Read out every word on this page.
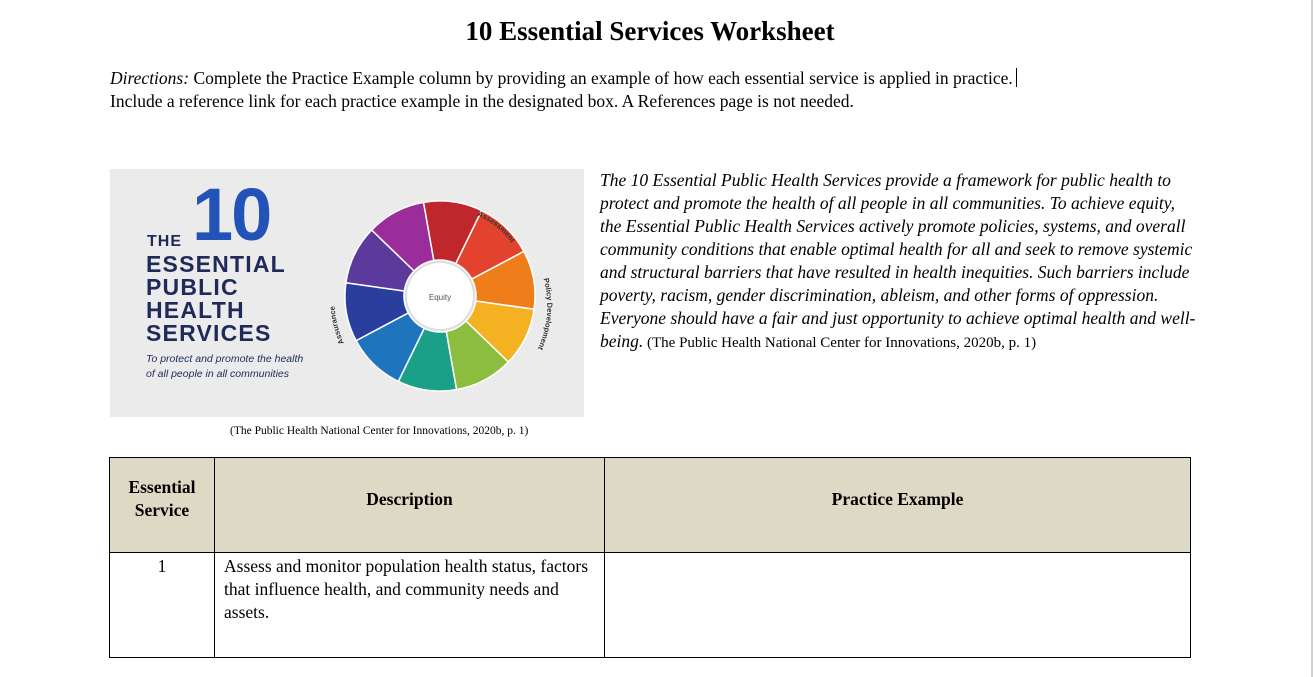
10 Essential Services Worksheet
Directions: Complete the Practice Example column by providing an example of how each essential service is applied in practice.
Include a reference link for each practice example in the designated box. A References page is not needed.
10
THE
ESSENTIAL
PUBLIC
HEALTH
SERVICES
To protect and promote the health of all people in all communities
Equity
Assessment
Policy Development
Assurance
(The Public Health National Center for Innovations, 2020b, p. 1)
The 10 Essential Public Health Services provide a framework for public health to protect and promote the health of all people in all communities. To achieve equity, the Essential Public Health Services actively promote policies, systems, and overall community conditions that enable optimal health for all and seek to remove systemic and structural barriers that have resulted in health inequities. Such barriers include poverty, racism, gender discrimination, ableism, and other forms of oppression. Everyone should have a fair and just opportunity to achieve optimal health and well-being. (The Public Health National Center for Innovations, 2020b, p. 1)
Essential
Service	Description	Practice Example
1	Assess and monitor population health status, factors that influence health, and community needs and assets.	
